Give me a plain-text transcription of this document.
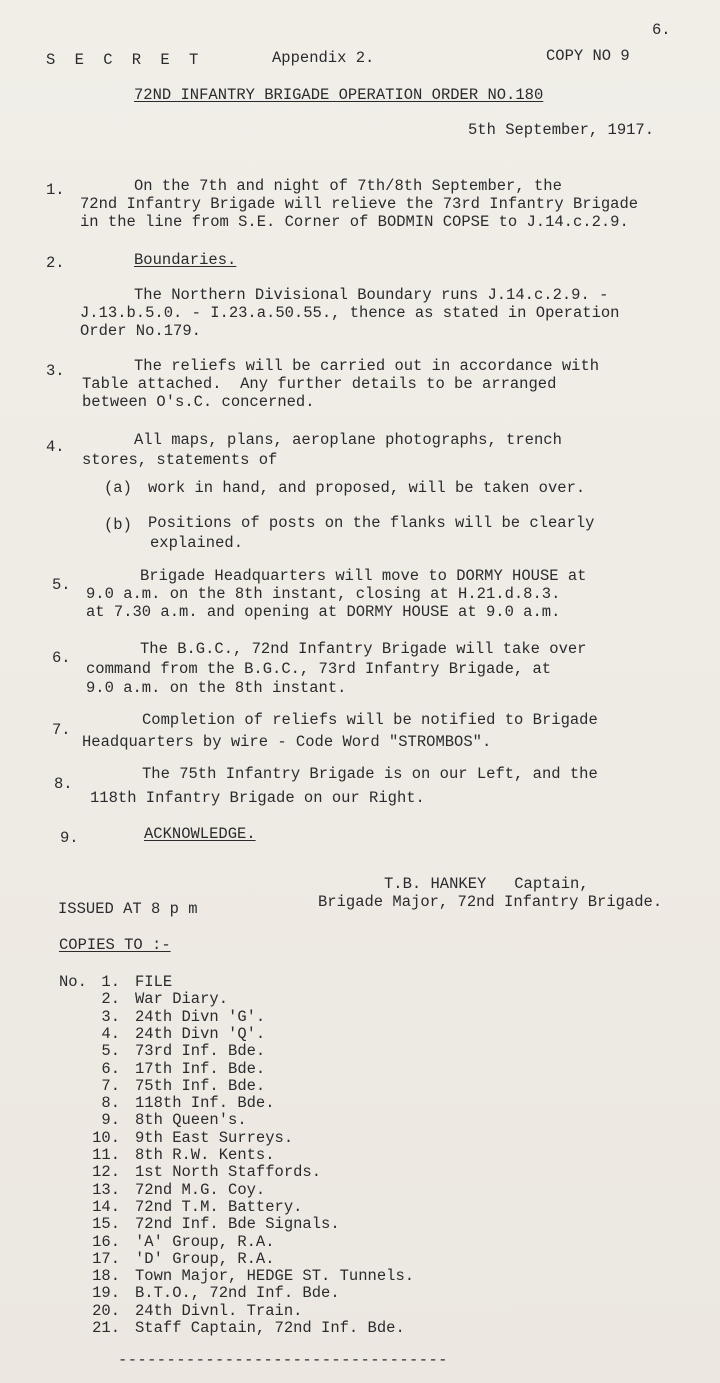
6.
S E C R E T	Appendix 2.	COPY NO 9
72ND INFANTRY BRIGADE OPERATION ORDER NO.180
5th September, 1917.
1.	On the 7th and night of 7th/8th September, the
72nd Infantry Brigade will relieve the 73rd Infantry Brigade
in the line from S.E. Corner of BODMIN COPSE to J.14.c.2.9.
2.	Boundaries.
The Northern Divisional Boundary runs J.14.c.2.9. -
J.13.b.5.0. - I.23.a.50.55., thence as stated in Operation
Order No.179.
3.	The reliefs will be carried out in accordance with
Table attached.  Any further details to be arranged
between O's.C. concerned.
4.	All maps, plans, aeroplane photographs, trench
stores, statements of
(a) work in hand, and proposed, will be taken over.
(b) Positions of posts on the flanks will be clearly
explained.
5.	Brigade Headquarters will move to DORMY HOUSE at
9.0 a.m. on the 8th instant, closing at H.21.d.8.3.
at 7.30 a.m. and opening at DORMY HOUSE at 9.0 a.m.
6.	The B.G.C., 72nd Infantry Brigade will take over
command from the B.G.C., 73rd Infantry Brigade, at
9.0 a.m. on the 8th instant.
7.
Completion of reliefs will be notified to Brigade
Headquarters by wire - Code Word "STROMBOS".
8.
The 75th Infantry Brigade is on our Left, and the
118th Infantry Brigade on our Right.
9.	ACKNOWLEDGE.
T.B. HANKEY   Captain,
Brigade Major, 72nd Infantry Brigade.
ISSUED AT 8 p m
COPIES TO :-
No. 1. FILE
2. War Diary.
3. 24th Divn 'G'.
4. 24th Divn 'Q'.
5. 73rd Inf. Bde.
6. 17th Inf. Bde.
7. 75th Inf. Bde.
8. 118th Inf. Bde.
9. 8th Queen's.
10. 9th East Surreys.
11. 8th R.W. Kents.
12. 1st North Staffords.
13. 72nd M.G. Coy.
14. 72nd T.M. Battery.
15. 72nd Inf. Bde Signals.
16. 'A' Group, R.A.
17. 'D' Group, R.A.
18. Town Major, HEDGE ST. Tunnels.
19. B.T.O., 72nd Inf. Bde.
20. 24th Divnl. Train.
21. Staff Captain, 72nd Inf. Bde.
----------------------------------
